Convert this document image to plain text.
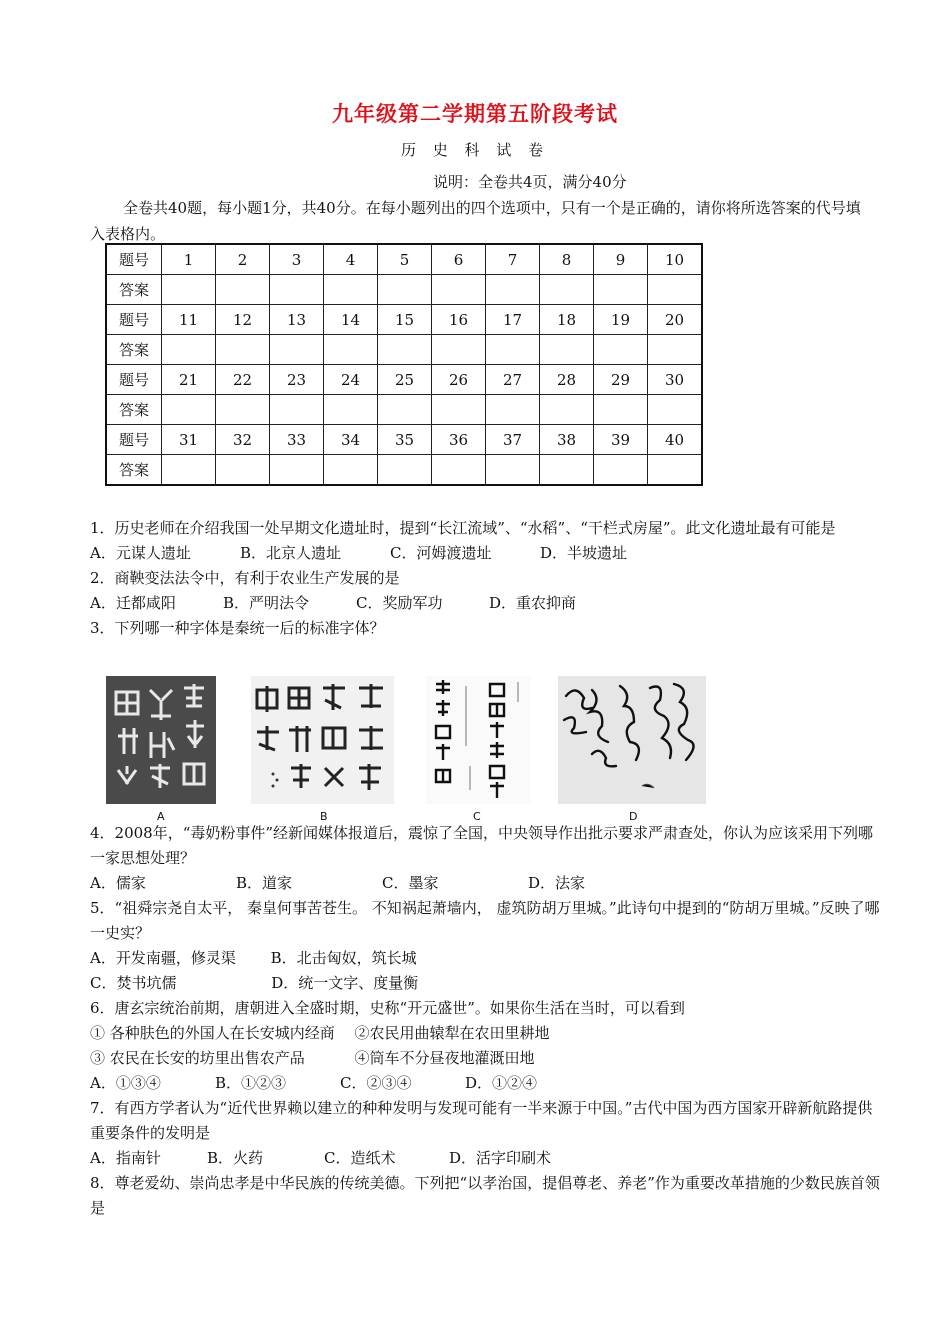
九年级第二学期第五阶段考试
历 史 科 试 卷
说明：全卷共4页，满分40分
全卷共40题，每小题1分，共40分。在每小题列出的四个选项中，只有一个是正确的，请你将所选答案的代号填入表格内。
题号	1	2	3	4	5	6	7	8	9	10
答案										
题号	11	12	13	14	15	16	17	18	19	20
答案										
题号	21	22	23	24	25	26	27	28	29	30
答案										
题号	31	32	33	34	35	36	37	38	39	40
答案										
A	B	C	D

1．历史老师在介绍我国一处早期文化遗址时，提到“长江流域”、“水稻”、“干栏式房屋”。此文化遗址最有可能是

A．元谋人遗址	B．北京人遗址	C．河姆渡遗址	D．半坡遗址

2．商鞅变法法令中，有利于农业生产发展的是

A．迁都咸阳	B．严明法令	C．奖励军功	D．重农抑商

3．下列哪一种字体是秦统一后的标准字体？

4．2008年，“毒奶粉事件”经新闻媒体报道后，震惊了全国，中央领导作出批示要求严肃查处，你认为应该采用下列哪一家思想处理？

A．儒家	B．道家	C．墨家	D．法家

5．“祖舜宗尧自太平， 秦皇何事苦苍生。 不知祸起萧墙内， 虚筑防胡万里城。”此诗句中提到的“防胡万里城。”反映了哪一史实？

A．开发南疆，修灵渠　　 B．北击匈奴，筑长城

C．焚书坑儒　　　　　　 D．统一文字、度量衡

6．唐玄宗统治前期，唐朝进入全盛时期，史称“开元盛世”。如果你生活在当时，可以看到

① 各种肤色的外国人在长安城内经商　 ②农民用曲辕犁在农田里耕地

③ 农民在长安的坊里出售农产品　　　 ④筒车不分昼夜地灌溉田地

A．①③④	B．①②③	C．②③④	D．①②④

7．有西方学者认为“近代世界赖以建立的种种发明与发现可能有一半来源于中国。”古代中国为西方国家开辟新航路提供重要条件的发明是

A．指南针	B．火药	C．造纸术	D．活字印刷术

8．尊老爱幼、崇尚忠孝是中华民族的传统美德。下列把“以孝治国，提倡尊老、养老”作为重要改革措施的少数民族首领是
